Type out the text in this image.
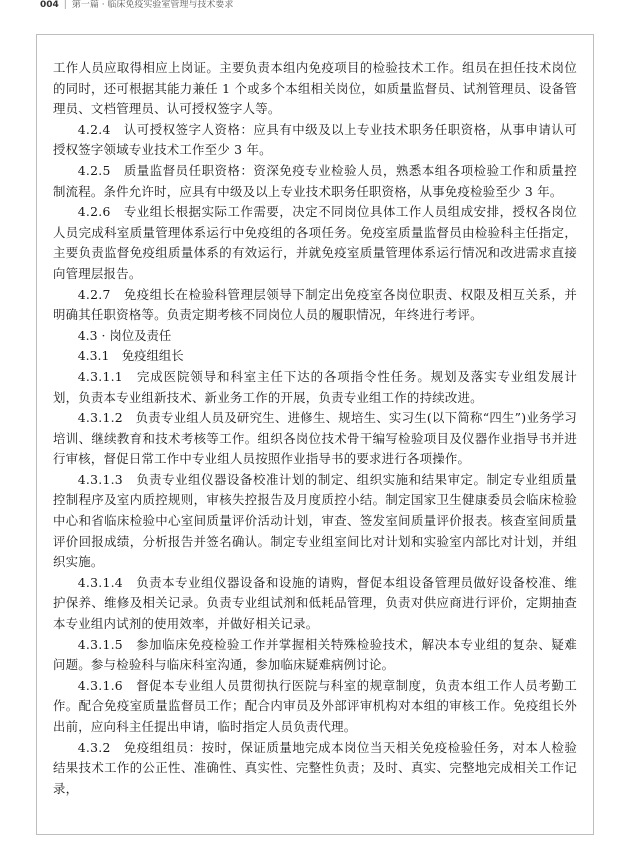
004 | 第一篇 · 临床免疫实验室管理与技术要求

工作人员应取得相应上岗证。主要负责本组内免疫项目的检验技术工作。组员在担任技术岗位的同时，还可根据其能力兼任 1 个或多个本组相关岗位，如质量监督员、试剂管理员、设备管理员、文档管理员、认可授权签字人等。

4.2.4　认可授权签字人资格：应具有中级及以上专业技术职务任职资格，从事申请认可授权签字领域专业技术工作至少 3 年。

4.2.5　质量监督员任职资格：资深免疫专业检验人员，熟悉本组各项检验工作和质量控制流程。条件允许时，应具有中级及以上专业技术职务任职资格，从事免疫检验至少 3 年。

4.2.6　专业组长根据实际工作需要，决定不同岗位具体工作人员组成安排，授权各岗位人员完成科室质量管理体系运行中免疫组的各项任务。免疫室质量监督员由检验科主任指定，主要负责监督免疫组质量体系的有效运行，并就免疫室质量管理体系运行情况和改进需求直接向管理层报告。

4.2.7　免疫组长在检验科管理层领导下制定出免疫室各岗位职责、权限及相互关系，并明确其任职资格等。负责定期考核不同岗位人员的履职情况，年终进行考评。

4.3 · 岗位及责任

4.3.1　免疫组组长

4.3.1.1　完成医院领导和科室主任下达的各项指令性任务。规划及落实专业组发展计划，负责本专业组新技术、新业务工作的开展，负责专业组工作的持续改进。

4.3.1.2　负责专业组人员及研究生、进修生、规培生、实习生(以下简称“四生”)业务学习培训、继续教育和技术考核等工作。组织各岗位技术骨干编写检验项目及仪器作业指导书并进行审核，督促日常工作中专业组人员按照作业指导书的要求进行各项操作。

4.3.1.3　负责专业组仪器设备校准计划的制定、组织实施和结果审定。制定专业组质量控制程序及室内质控规则，审核失控报告及月度质控小结。制定国家卫生健康委员会临床检验中心和省临床检验中心室间质量评价活动计划，审查、签发室间质量评价报表。核查室间质量评价回报成绩，分析报告并签名确认。制定专业组室间比对计划和实验室内部比对计划，并组织实施。

4.3.1.4　负责本专业组仪器设备和设施的请购，督促本组设备管理员做好设备校准、维护保养、维修及相关记录。负责专业组试剂和低耗品管理，负责对供应商进行评价，定期抽查本专业组内试剂的使用效率，并做好相关记录。

4.3.1.5　参加临床免疫检验工作并掌握相关特殊检验技术，解决本专业组的复杂、疑难问题。参与检验科与临床科室沟通，参加临床疑难病例讨论。

4.3.1.6　督促本专业组人员贯彻执行医院与科室的规章制度，负责本组工作人员考勤工作。配合免疫室质量监督员工作；配合内审员及外部评审机构对本组的审核工作。免疫组长外出前，应向科主任提出申请，临时指定人员负责代理。

4.3.2　免疫组组员：按时，保证质量地完成本岗位当天相关免疫检验任务，对本人检验结果技术工作的公正性、准确性、真实性、完整性负责；及时、真实、完整地完成相关工作记录，
